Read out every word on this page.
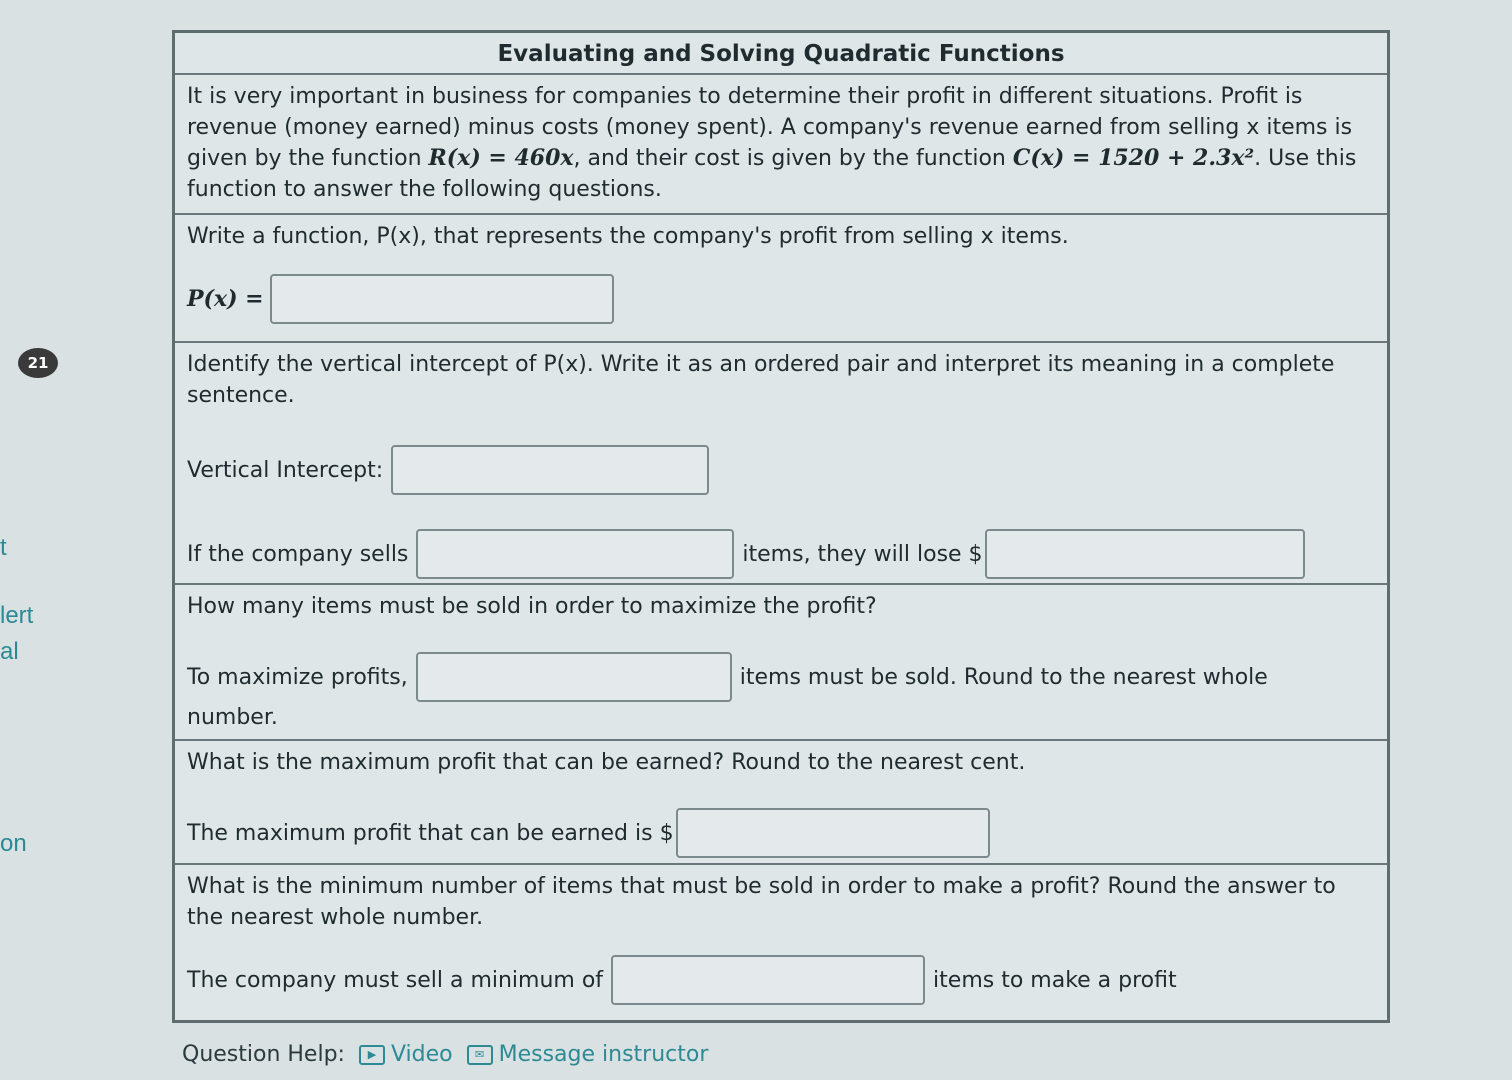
21
t
lert
al
on
Evaluating and Solving Quadratic Functions
It is very important in business for companies to determine their profit in different situations. Profit is revenue (money earned) minus costs (money spent). A company's revenue earned from selling x items is given by the function R(x) = 460x, and their cost is given by the function C(x) = 1520 + 2.3x². Use this function to answer the following questions.
Write a function, P(x), that represents the company's profit from selling x items.
P(x) =
Identify the vertical intercept of P(x). Write it as an ordered pair and interpret its meaning in a complete sentence.
Vertical Intercept:
If the company sells	items, they will lose $
How many items must be sold in order to maximize the profit?
To maximize profits,	items must be sold. Round to the nearest whole
number.
What is the maximum profit that can be earned? Round to the nearest cent.
The maximum profit that can be earned is $
What is the minimum number of items that must be sold in order to make a profit? Round the answer to the nearest whole number.
The company must sell a minimum of	items to make a profit
Question Help:	▶ Video	✉ Message instructor
